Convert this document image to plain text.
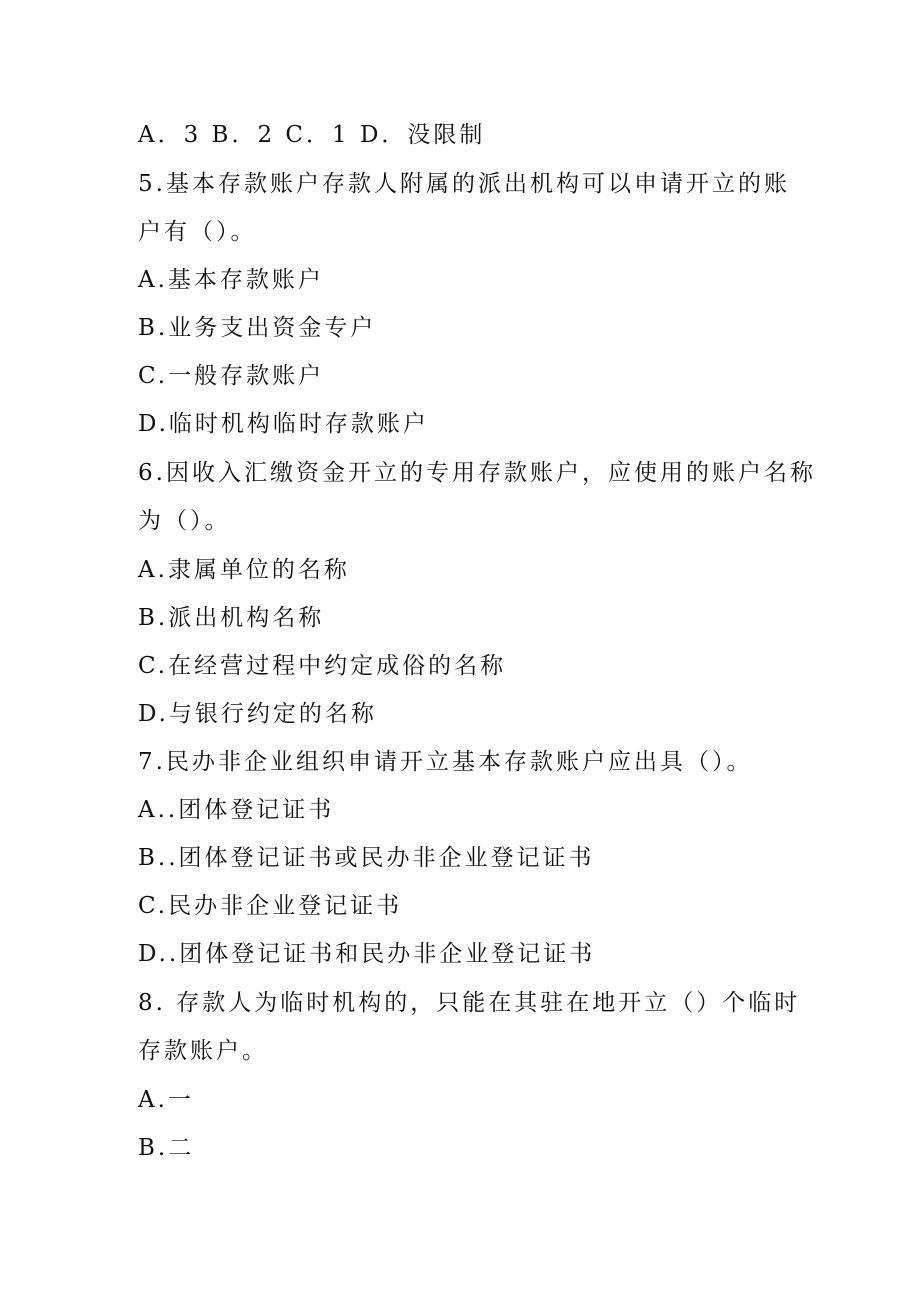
A．3 B．2 C．1 D．没限制
5.基本存款账户存款人附属的派出机构可以申请开立的账
户有（）。
A.基本存款账户
B.业务支出资金专户
C.一般存款账户
D.临时机构临时存款账户
6.因收入汇缴资金开立的专用存款账户，应使用的账户名称
为（）。
A.隶属单位的名称
B.派出机构名称
C.在经营过程中约定成俗的名称
D.与银行约定的名称
7.民办非企业组织申请开立基本存款账户应出具（）。
A..团体登记证书
B..团体登记证书或民办非企业登记证书
C.民办非企业登记证书
D..团体登记证书和民办非企业登记证书
8. 存款人为临时机构的，只能在其驻在地开立（）个临时
存款账户。
A.一
B.二
